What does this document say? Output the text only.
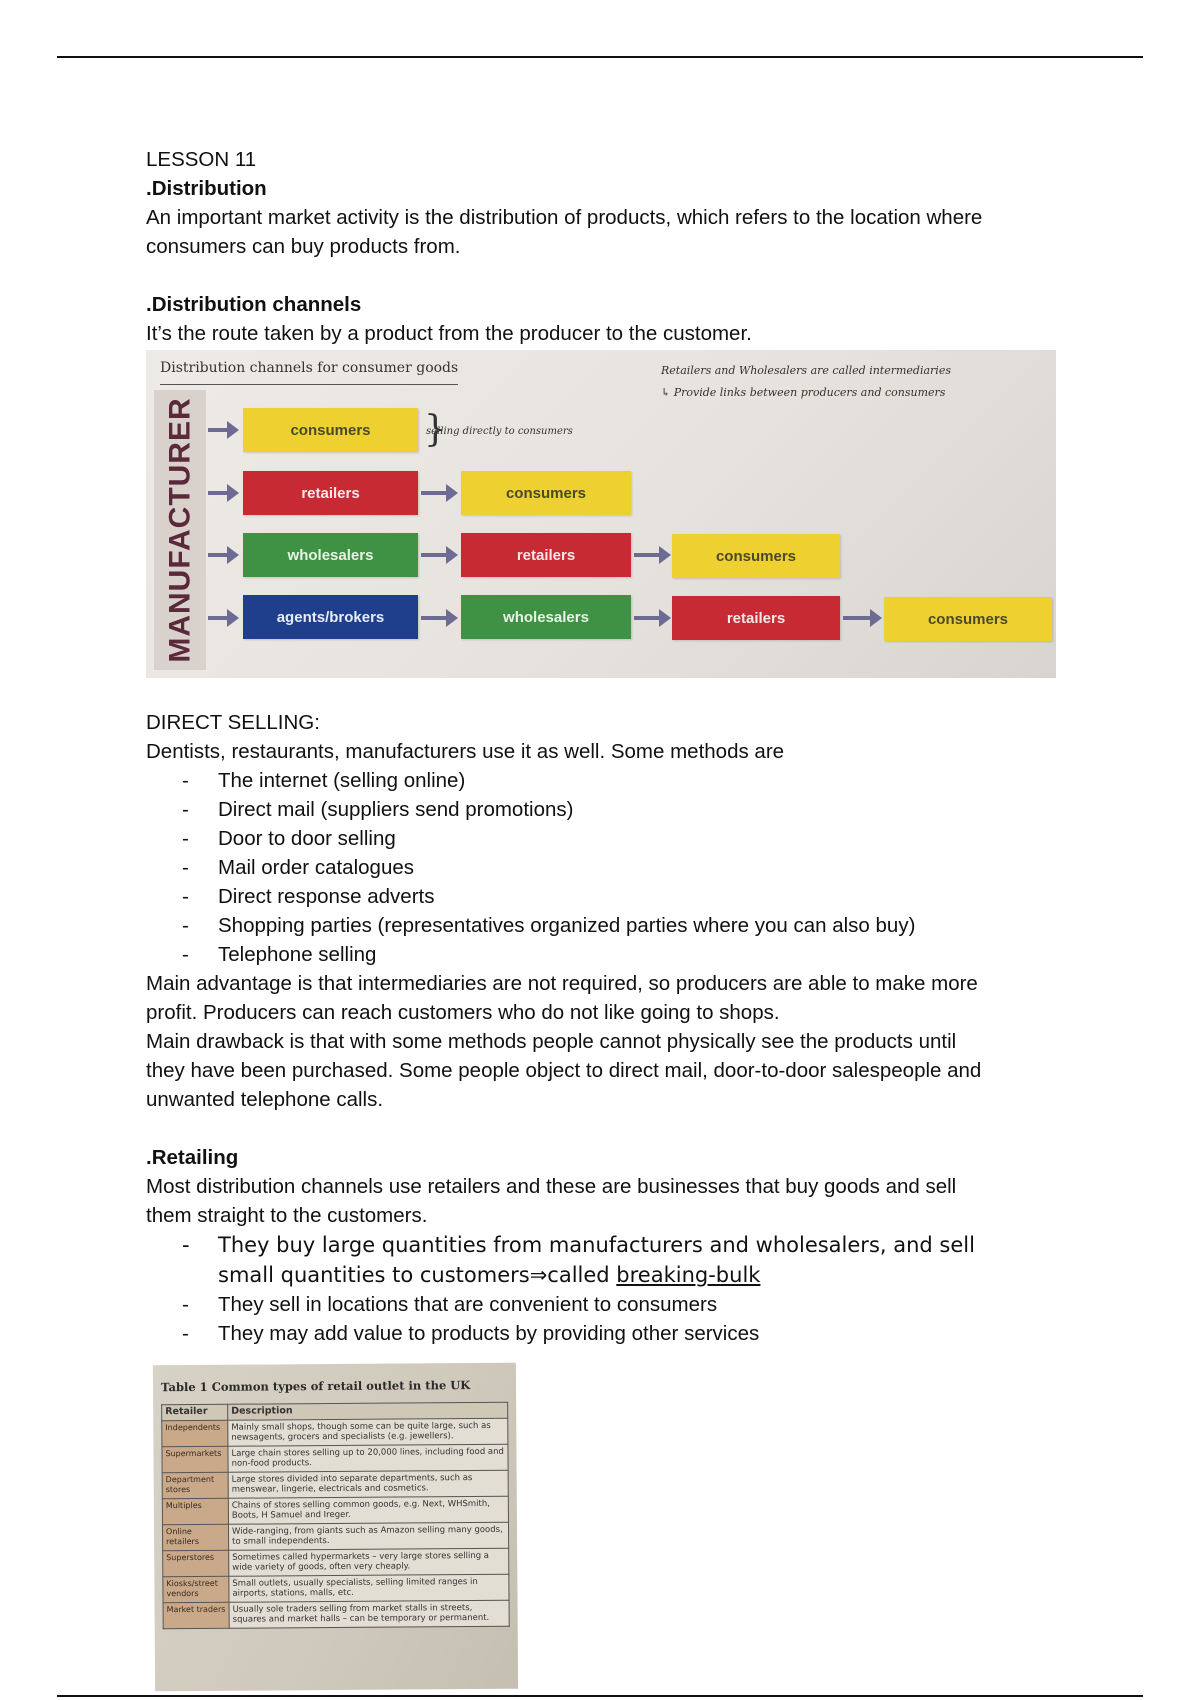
LESSON 11

.Distribution

An important market activity is the distribution of products, which refers to the location where consumers can buy products from.

.Distribution channels

It’s the route taken by a product from the producer to the customer.

Distribution channels for consumer goods	Retailers and Wholesalers are called intermediaries
↳ Provide links between producers and consumers
}
selling directly to consumers
MANUFACTURER	consumers
retailers	consumers
wholesalers	retailers	consumers
agents/brokers	wholesalers	retailers	consumers

DIRECT SELLING:

Dentists, restaurants, manufacturers use it as well. Some methods are

- The internet (selling online)
- Direct mail (suppliers send promotions)
- Door to door selling
- Mail order catalogues
- Direct response adverts
- Shopping parties (representatives organized parties where you can also buy)
- Telephone selling

Main advantage is that intermediaries are not required, so producers are able to make more

profit. Producers can reach customers who do not like going to shops.

Main drawback is that with some methods people cannot physically see the products until

they have been purchased. Some people object to direct mail, door-to-door salespeople and

unwanted telephone calls.

.Retailing

Most distribution channels use retailers and these are businesses that buy goods and sell

them straight to the customers.

- They buy large quantities from manufacturers and wholesalers, and sell
small quantities to customers⇒called breaking-bulk
- They sell in locations that are convenient to consumers
- They may add value to products by providing other services
Table 1 Common types of retail outlet in the UK
Retailer	Description
Independents	Mainly small shops, though some can be quite large, such as newsagents, grocers and specialists (e.g. jewellers).
Supermarkets	Large chain stores selling up to 20,000 lines, including food and non-food products.
Department stores	Large stores divided into separate departments, such as menswear, lingerie, electricals and cosmetics.
Multiples	Chains of stores selling common goods, e.g. Next, WHSmith, Boots, H Samuel and Ireger.
Online retailers	Wide-ranging, from giants such as Amazon selling many goods, to small independents.
Superstores	Sometimes called hypermarkets – very large stores selling a wide variety of goods, often very cheaply.
Kiosks/street vendors	Small outlets, usually specialists, selling limited ranges in airports, stations, malls, etc.
Market traders	Usually sole traders selling from market stalls in streets, squares and market halls – can be temporary or permanent.
